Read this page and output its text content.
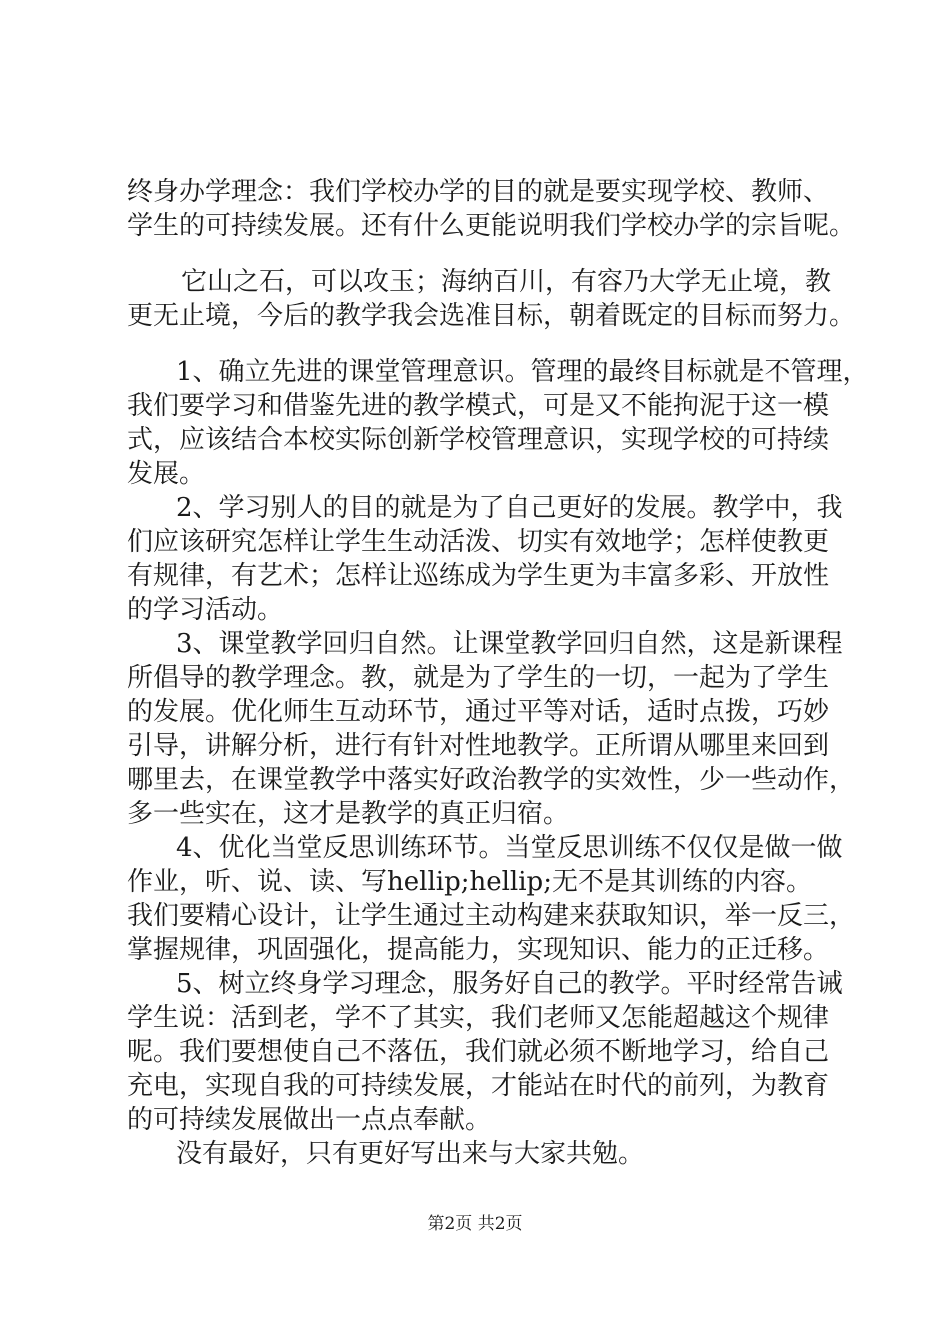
终身办学理念：我们学校办学的目的就是要实现学校、教师、
学生的可持续发展。还有什么更能说明我们学校办学的宗旨呢。
它山之石，可以攻玉；海纳百川，有容乃大学无止境，教
更无止境，今后的教学我会选准目标，朝着既定的目标而努力。
1、确立先进的课堂管理意识。管理的最终目标就是不管理，
我们要学习和借鉴先进的教学模式，可是又不能拘泥于这一模
式，应该结合本校实际创新学校管理意识，实现学校的可持续
发展。
2、学习别人的目的就是为了自己更好的发展。教学中，我
们应该研究怎样让学生生动活泼、切实有效地学；怎样使教更
有规律，有艺术；怎样让巡练成为学生更为丰富多彩、开放性
的学习活动。
3、课堂教学回归自然。让课堂教学回归自然，这是新课程
所倡导的教学理念。教，就是为了学生的一切，一起为了学生
的发展。优化师生互动环节，通过平等对话，适时点拨，巧妙
引导，讲解分析，进行有针对性地教学。正所谓从哪里来回到
哪里去，在课堂教学中落实好政治教学的实效性，少一些动作，
多一些实在，这才是教学的真正归宿。
4、优化当堂反思训练环节。当堂反思训练不仅仅是做一做
作业，听、说、读、写hellip;hellip;无不是其训练的内容。
我们要精心设计，让学生通过主动构建来获取知识，举一反三，
掌握规律，巩固强化，提高能力，实现知识、能力的正迁移。
5、树立终身学习理念，服务好自己的教学。平时经常告诫
学生说：活到老，学不了其实，我们老师又怎能超越这个规律
呢。我们要想使自己不落伍，我们就必须不断地学习，给自己
充电，实现自我的可持续发展，才能站在时代的前列，为教育
的可持续发展做出一点点奉献。
没有最好，只有更好写出来与大家共勉。
第2页 共2页
